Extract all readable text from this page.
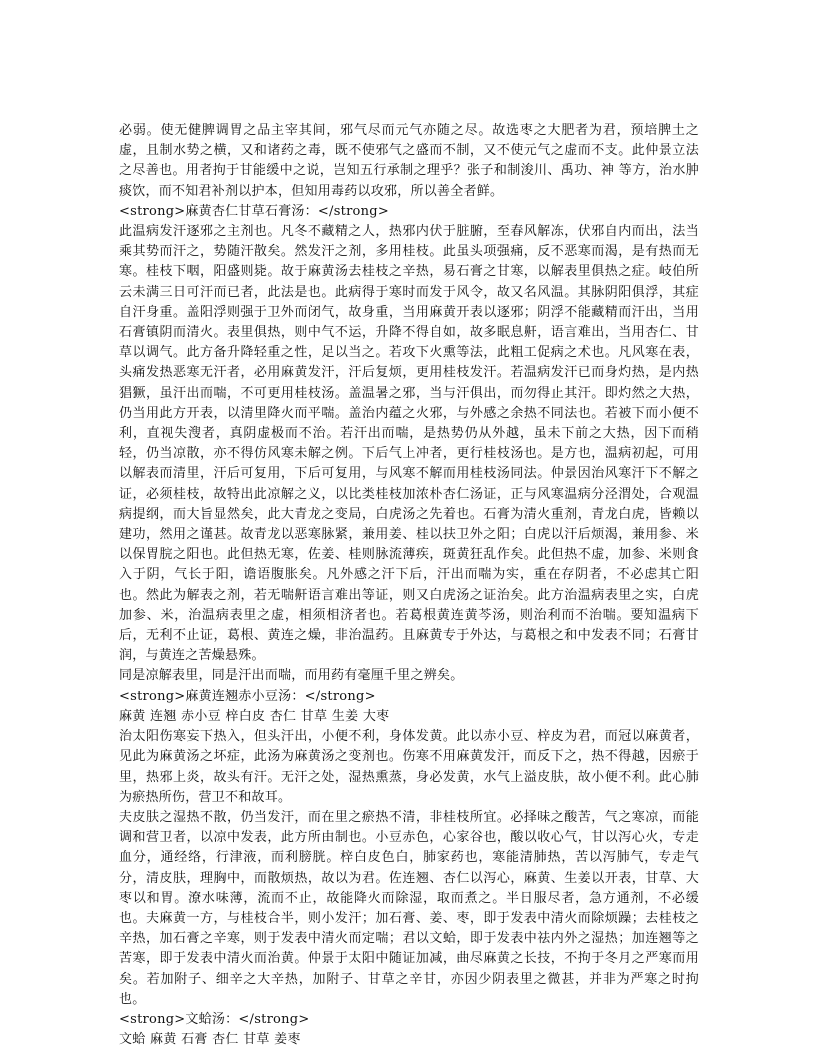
必弱。使无健脾调胃之品主宰其间，邪气尽而元气亦随之尽。故选枣之大肥者为君，预培脾土之虚，且制水势之横，又和诸药之毒，既不使邪气之盛而不制，又不使元气之虚而不支。此仲景立法之尽善也。用者拘于甘能缓中之说，岂知五行承制之理乎？张子和制浚川、禹功、神 等方，治水肿痰饮，而不知君补剂以护本，但知用毒药以攻邪，所以善全者鲜。

<strong>麻黄杏仁甘草石膏汤：</strong>

此温病发汗逐邪之主剂也。凡冬不藏精之人，热邪内伏于脏腑，至春风解冻，伏邪自内而出，法当乘其势而汗之，势随汗散矣。然发汗之剂，多用桂枝。此虽头项强痛，反不恶寒而渴，是有热而无寒。桂枝下咽，阳盛则毙。故于麻黄汤去桂枝之辛热，易石膏之甘寒，以解表里俱热之症。岐伯所云未满三日可汗而已者，此法是也。此病得于寒时而发于风令，故又名风温。其脉阴阳俱浮，其症自汗身重。盖阳浮则强于卫外而闭气，故身重，当用麻黄开表以逐邪；阴浮不能藏精而汗出，当用石膏镇阴而清火。表里俱热，则中气不运，升降不得自如，故多眠息鼾，语言难出，当用杏仁、甘草以调气。此方备升降轻重之性，足以当之。若攻下火熏等法，此粗工促病之术也。凡风寒在表，头痛发热恶寒无汗者，必用麻黄发汗，汗后复烦，更用桂枝发汗。若温病发汗已而身灼热，是内热猖獗，虽汗出而喘，不可更用桂枝汤。盖温暑之邪，当与汗俱出，而勿得止其汗。即灼然之大热，仍当用此方开表，以清里降火而平喘。盖治内蕴之火邪，与外感之余热不同法也。若被下而小便不利，直视失溲者，真阴虚极而不治。若汗出而喘，是热势仍从外越，虽未下前之大热，因下而稍轻，仍当凉散，亦不得仿风寒未解之例。下后气上冲者，更行桂枝汤也。是方也，温病初起，可用以解表而清里，汗后可复用，下后可复用，与风寒不解而用桂枝汤同法。仲景因治风寒汗下不解之证，必须桂枝，故特出此凉解之义，以比类桂枝加浓朴杏仁汤证，正与风寒温病分泾渭处，合观温病提纲，而大旨显然矣，此大青龙之变局，白虎汤之先着也。石膏为清火重剂，青龙白虎，皆赖以建功，然用之谨甚。故青龙以恶寒脉紧，兼用姜、桂以扶卫外之阳；白虎以汗后烦渴，兼用参、米以保胃脘之阳也。此但热无寒，佐姜、桂则脉流薄疾，斑黄狂乱作矣。此但热不虚，加参、米则食入于阴，气长于阳，谵语腹胀矣。凡外感之汗下后，汗出而喘为实，重在存阴者，不必虑其亡阳也。然此为解表之剂，若无喘鼾语言难出等证，则又白虎汤之证治矣。此方治温病表里之实，白虎加参、米，治温病表里之虚，相须相济者也。若葛根黄连黄芩汤，则治利而不治喘。要知温病下后，无利不止证，葛根、黄连之燥，非治温药。且麻黄专于外达，与葛根之和中发表不同；石膏甘润，与黄连之苦燥悬殊。

同是凉解表里，同是汗出而喘，而用药有毫厘千里之辨矣。

<strong>麻黄连翘赤小豆汤：</strong>

麻黄 连翘 赤小豆 梓白皮 杏仁 甘草 生姜 大枣

治太阳伤寒妄下热入，但头汗出，小便不利，身体发黄。此以赤小豆、梓皮为君，而冠以麻黄者，见此为麻黄汤之坏症，此汤为麻黄汤之变剂也。伤寒不用麻黄发汗，而反下之，热不得越，因瘀于里，热邪上炎，故头有汗。无汗之处，湿热熏蒸，身必发黄，水气上溢皮肤，故小便不利。此心肺为瘀热所伤，营卫不和故耳。

夫皮肤之湿热不散，仍当发汗，而在里之瘀热不清，非桂枝所宜。必择味之酸苦，气之寒凉，而能调和营卫者，以凉中发表，此方所由制也。小豆赤色，心家谷也，酸以收心气，甘以泻心火，专走血分，通经络，行津液，而利膀胱。梓白皮色白，肺家药也，寒能清肺热，苦以泻肺气，专走气分，清皮肤，理胸中，而散烦热，故以为君。佐连翘、杏仁以泻心，麻黄、生姜以开表，甘草、大枣以和胃。潦水味薄，流而不止，故能降火而除湿，取而煮之。半日服尽者，急方通剂，不必缓也。夫麻黄一方，与桂枝合半，则小发汗；加石膏、姜、枣，即于发表中清火而除烦躁；去桂枝之辛热，加石膏之辛寒，则于发表中清火而定喘；君以文蛤，即于发表中祛内外之湿热；加连翘等之苦寒，即于发表中清火而治黄。仲景于太阳中随证加减，曲尽麻黄之长技，不拘于冬月之严寒而用矣。若加附子、细辛之大辛热，加附子、甘草之辛甘，亦因少阴表里之微甚，并非为严寒之时拘也。

<strong>文蛤汤：</strong>

文蛤 麻黄 石膏 杏仁 甘草 姜枣
